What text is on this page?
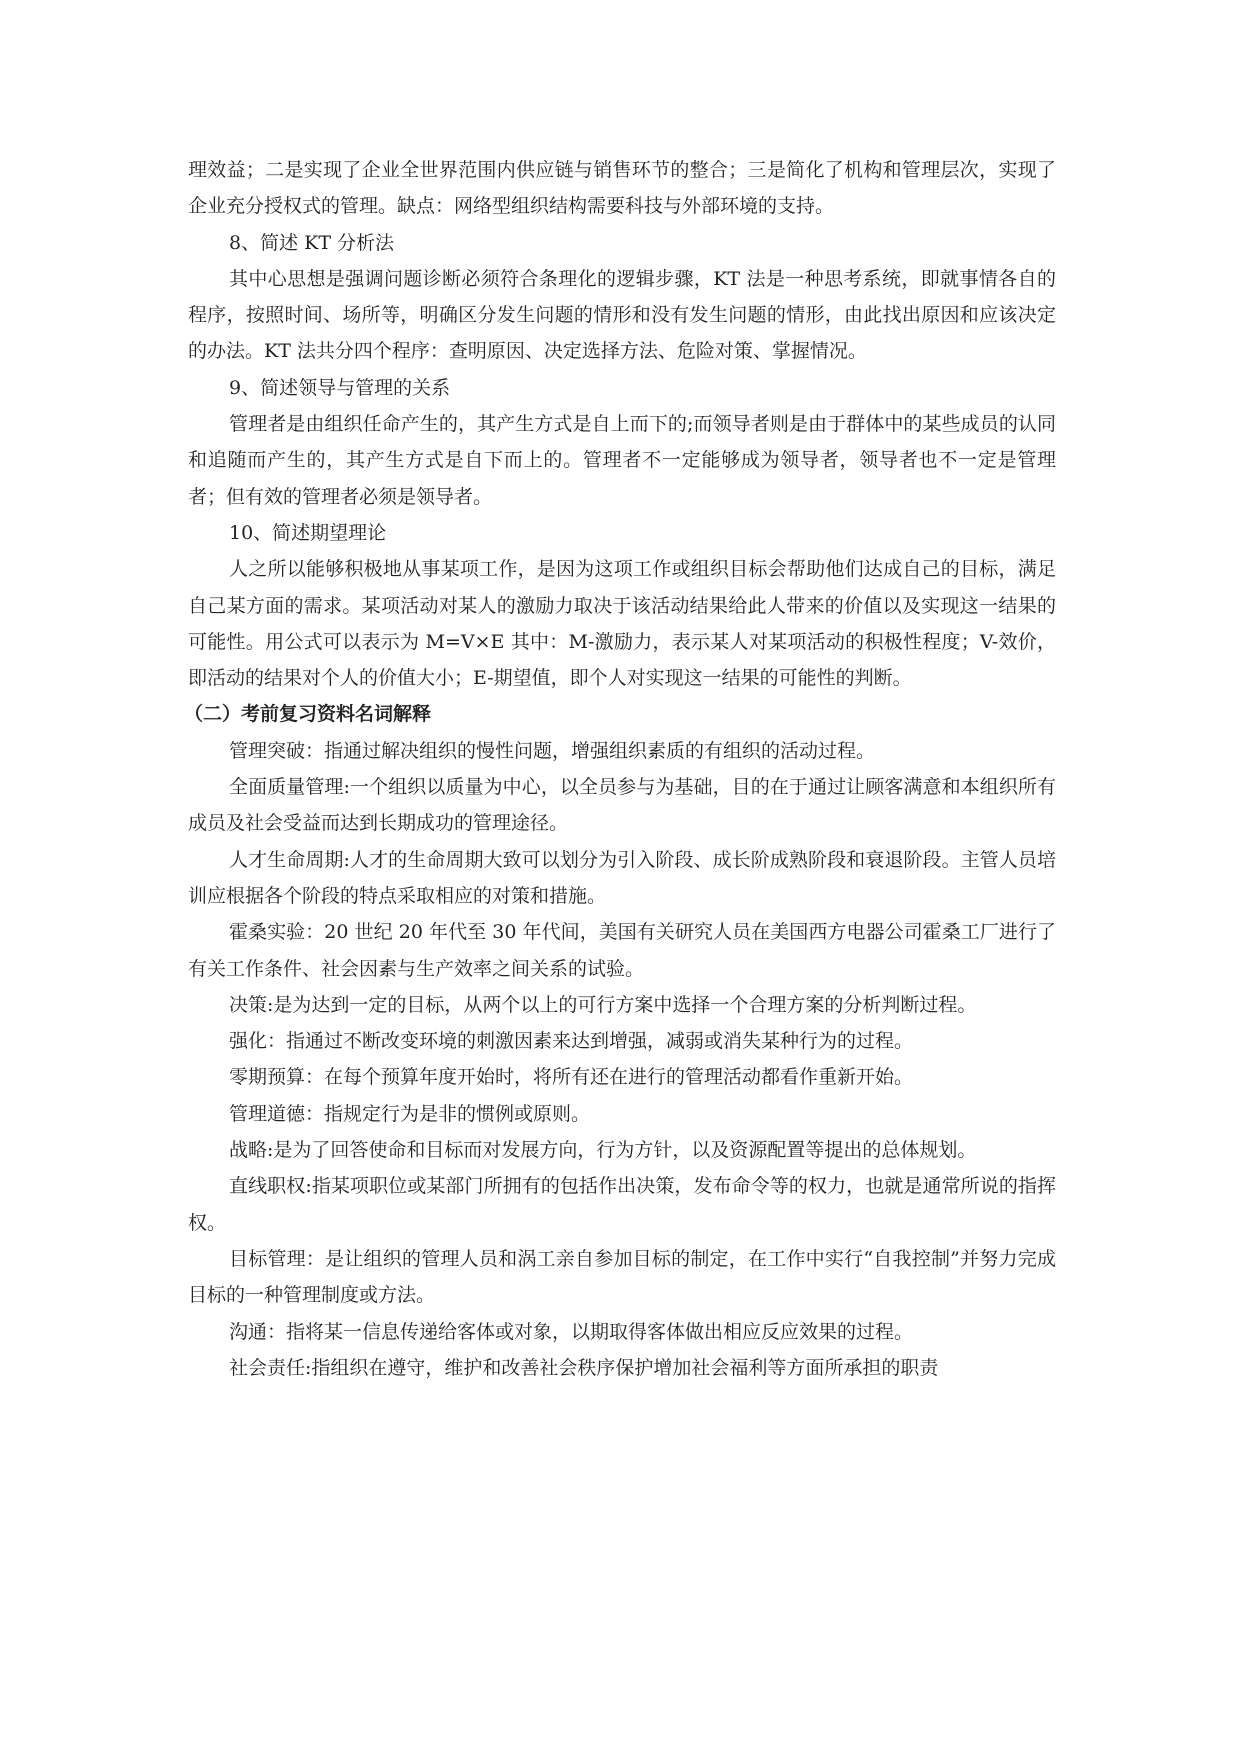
理效益；二是实现了企业全世界范围内供应链与销售环节的整合；三是简化了机构和管理层次，实现了企业充分授权式的管理。缺点：网络型组织结构需要科技与外部环境的支持。

8、简述 KT 分析法

其中心思想是强调问题诊断必须符合条理化的逻辑步骤，KT 法是一种思考系统，即就事情各自的程序，按照时间、场所等，明确区分发生问题的情形和没有发生问题的情形，由此找出原因和应该决定的办法。KT 法共分四个程序：查明原因、决定选择方法、危险对策、掌握情况。

9、简述领导与管理的关系

管理者是由组织任命产生的，其产生方式是自上而下的;而领导者则是由于群体中的某些成员的认同和追随而产生的，其产生方式是自下而上的。管理者不一定能够成为领导者，领导者也不一定是管理者；但有效的管理者必须是领导者。

10、简述期望理论

人之所以能够积极地从事某项工作，是因为这项工作或组织目标会帮助他们达成自己的目标，满足自己某方面的需求。某项活动对某人的激励力取决于该活动结果给此人带来的价值以及实现这一结果的可能性。用公式可以表示为 M=V×E 其中：M-激励力，表示某人对某项活动的积极性程度；V-效价，即活动的结果对个人的价值大小；E-期望值，即个人对实现这一结果的可能性的判断。

（二）考前复习资料名词解释

管理突破：指通过解决组织的慢性问题，增强组织素质的有组织的活动过程。

全面质量管理:一个组织以质量为中心，以全员参与为基础，目的在于通过让顾客满意和本组织所有成员及社会受益而达到长期成功的管理途径。

人才生命周期:人才的生命周期大致可以划分为引入阶段、成长阶成熟阶段和衰退阶段。主管人员培训应根据各个阶段的特点采取相应的对策和措施。

霍桑实验：20 世纪 20 年代至 30 年代间，美国有关研究人员在美国西方电器公司霍桑工厂进行了有关工作条件、社会因素与生产效率之间关系的试验。

决策:是为达到一定的目标，从两个以上的可行方案中选择一个合理方案的分析判断过程。

强化：指通过不断改变环境的刺激因素来达到增强，减弱或消失某种行为的过程。

零期预算：在每个预算年度开始时，将所有还在进行的管理活动都看作重新开始。

管理道德：指规定行为是非的惯例或原则。

战略:是为了回答使命和目标而对发展方向，行为方针，以及资源配置等提出的总体规划。

直线职权:指某项职位或某部门所拥有的包括作出决策，发布命令等的权力，也就是通常所说的指挥权。

目标管理：是让组织的管理人员和涡工亲自参加目标的制定，在工作中实行“自我控制”并努力完成目标的一种管理制度或方法。

沟通：指将某一信息传递给客体或对象，以期取得客体做出相应反应效果的过程。

社会责任:指组织在遵守，维护和改善社会秩序保护增加社会福利等方面所承担的职责
